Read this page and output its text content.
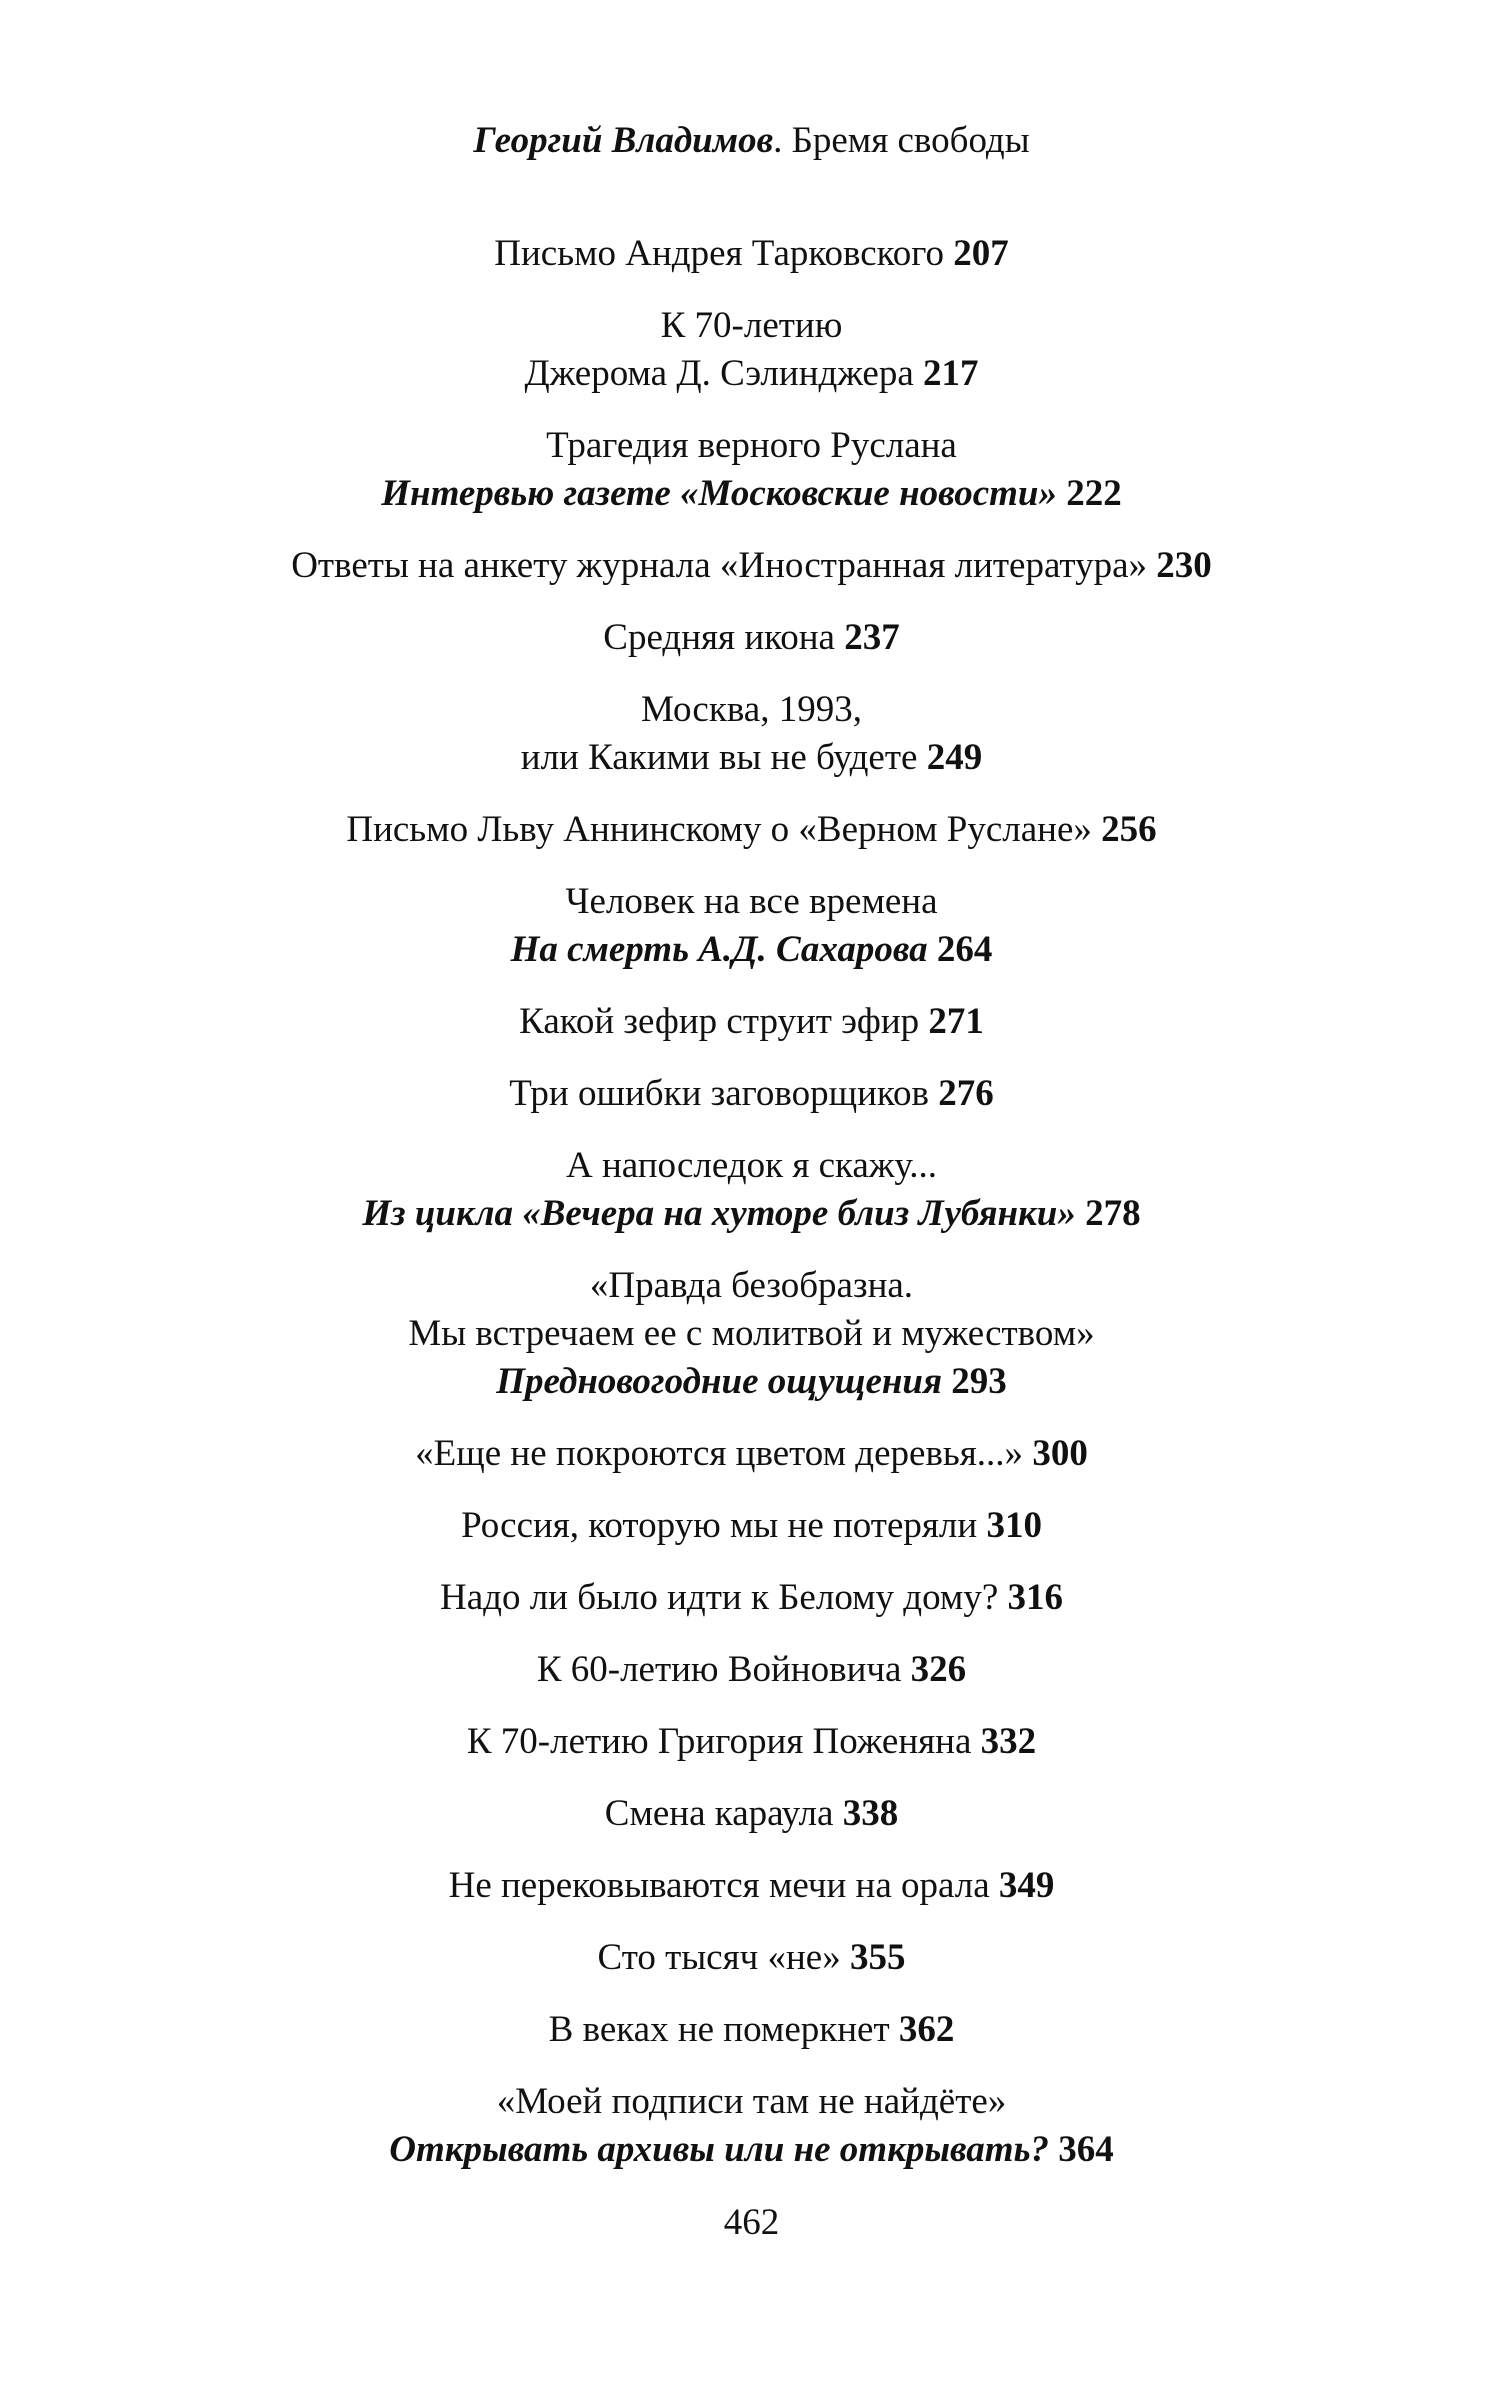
Георгий Владимов. Бремя свободы
Письмо Андрея Тарковского 207
К 70-летию
Джерома Д. Сэлинджера 217
Трагедия верного Руслана
Интервью газете «Московские новости» 222
Ответы на анкету журнала «Иностранная литература» 230
Средняя икона 237
Москва, 1993,
или Какими вы не будете 249
Письмо Льву Аннинскому о «Верном Руслане» 256
Человек на все времена
На смерть А.Д. Сахарова 264
Какой зефир струит эфир 271
Три ошибки заговорщиков 276
А напоследок я скажу...
Из цикла «Вечера на хуторе близ Лубянки» 278
«Правда безобразна.
Мы встречаем ее с молитвой и мужеством»
Предновогодние ощущения 293
«Еще не покроются цветом деревья...» 300
Россия, которую мы не потеряли 310
Надо ли было идти к Белому дому? 316
К 60-летию Войновича 326
К 70-летию Григория Поженяна 332
Смена караула 338
Не перековываются мечи на орала 349
Сто тысяч «не» 355
В веках не померкнет 362
«Моей подписи там не найдёте»
Открывать архивы или не открывать? 364
462
